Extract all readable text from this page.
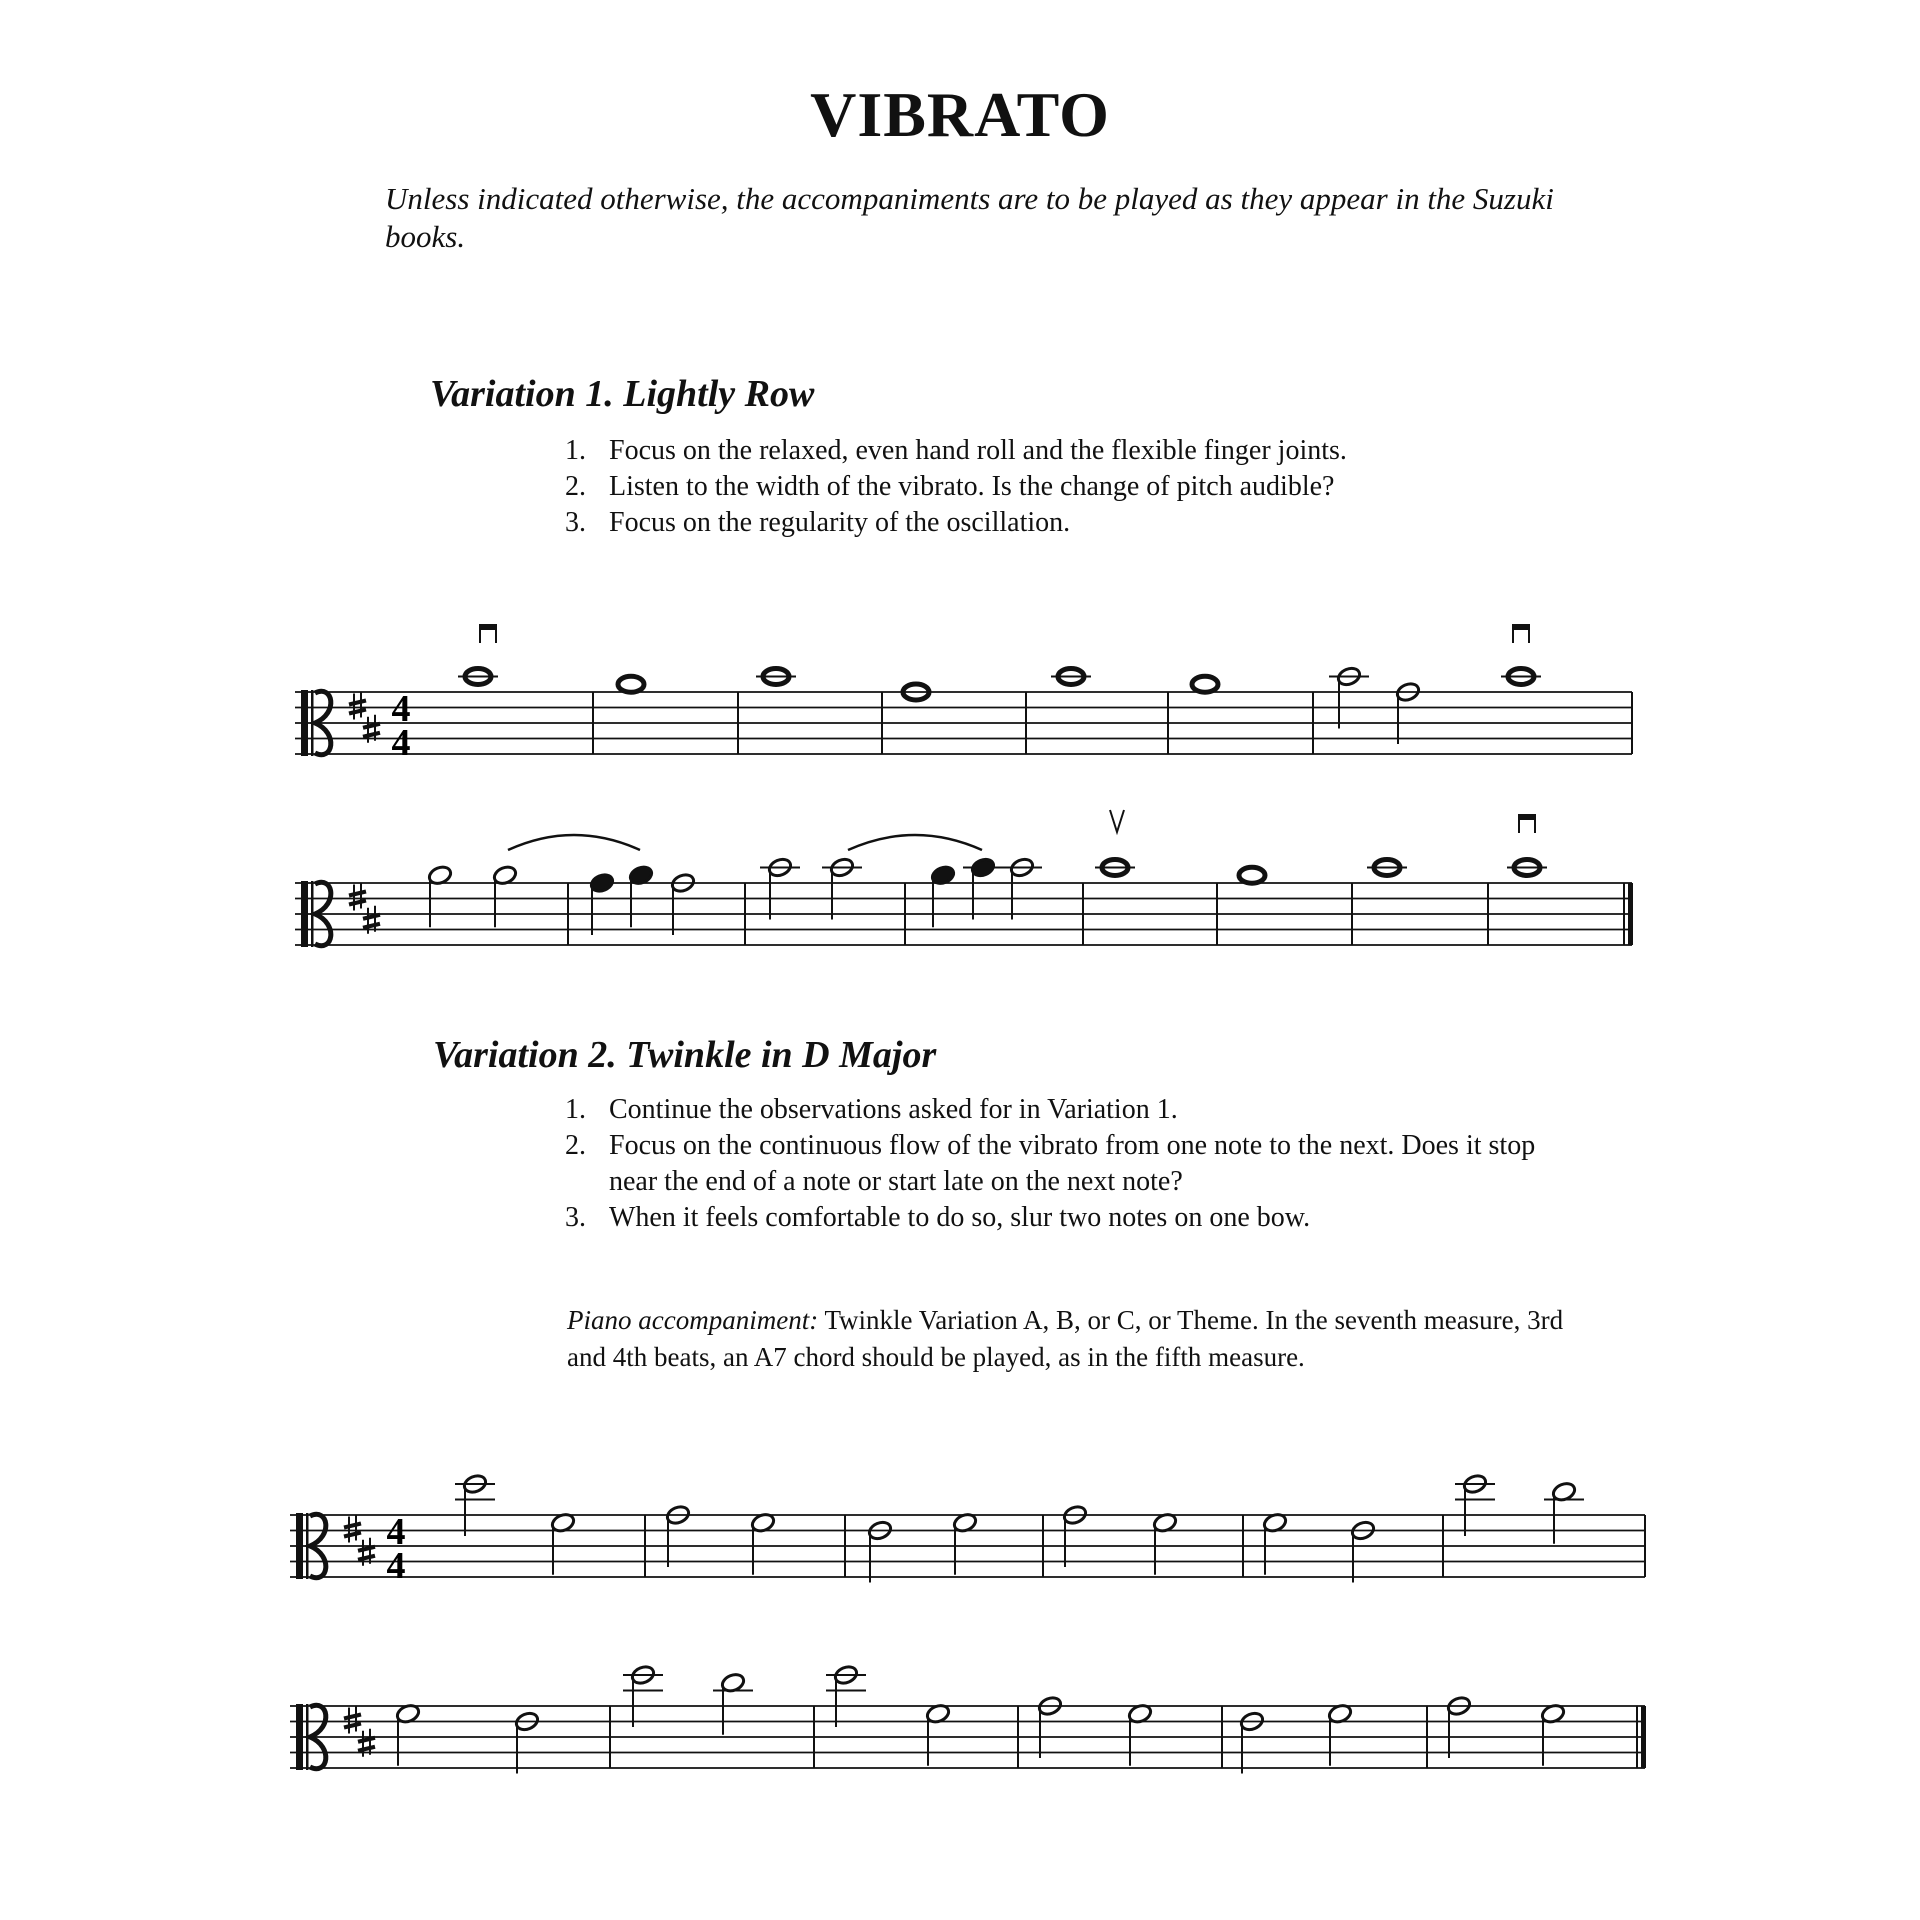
VIBRATO
Unless indicated otherwise, the accompaniments are to be played as they appear in the Suzuki books.
Variation 1. Lightly Row
1. Focus on the relaxed, even hand roll and the flexible finger joints.
2. Listen to the width of the vibrato. Is the change of pitch audible?
3. Focus on the regularity of the oscillation.
Variation 2. Twinkle in D Major
1. Continue the observations asked for in Variation 1.
2. Focus on the continuous flow of the vibrato from one note to the next. Does it stop near the end of a note or start late on the next note?
3. When it feels comfortable to do so, slur two notes on one bow.
Piano accompaniment: Twinkle Variation A, B, or C, or Theme. In the seventh measure, 3rd and 4th beats, an A7 chord should be played, as in the fifth measure.
4
4
4
4
